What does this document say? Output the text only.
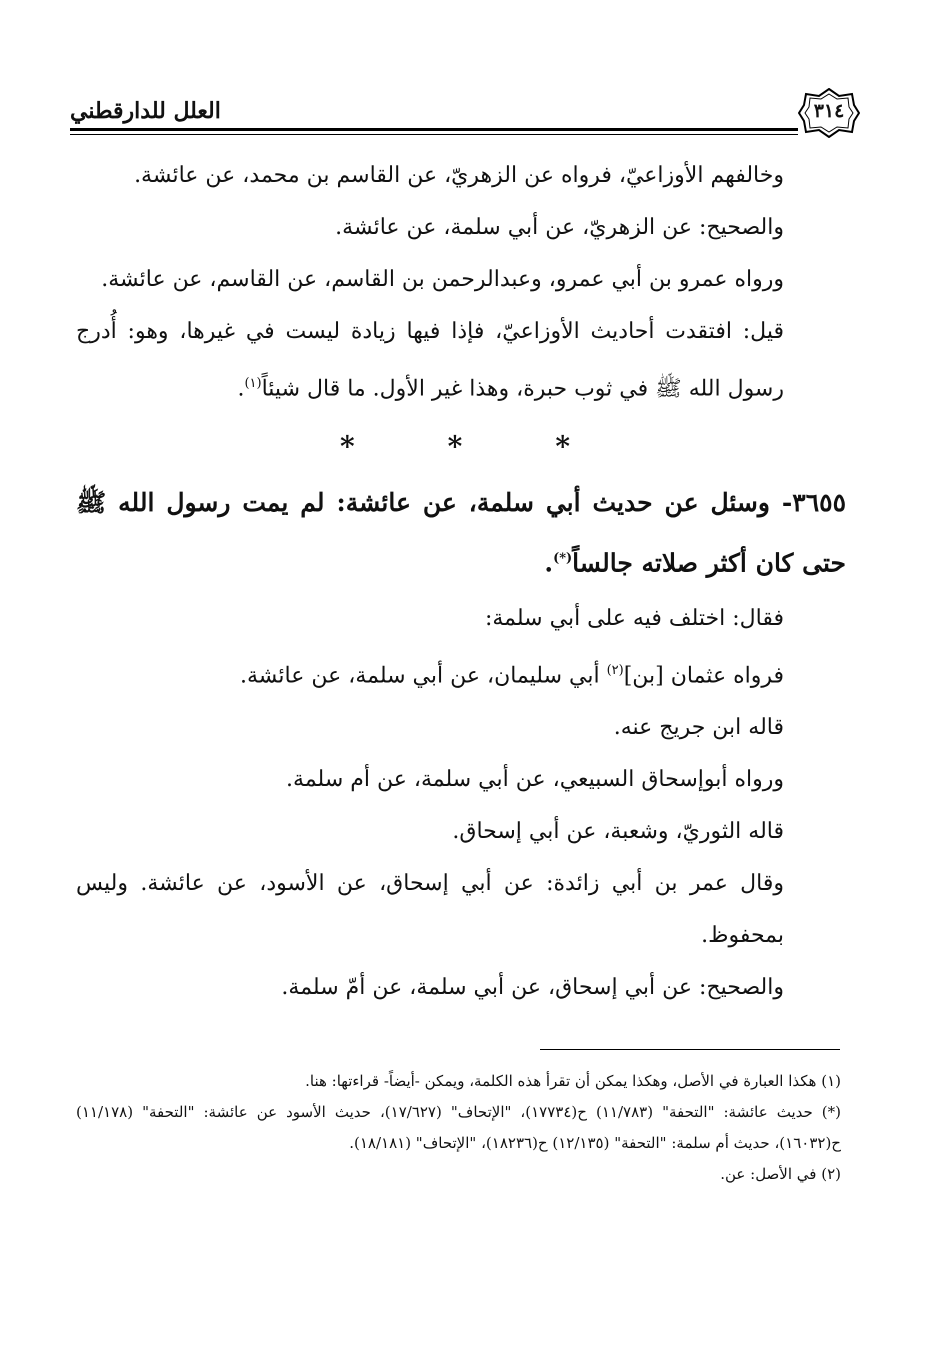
العلل للدارقطني	٣١٤

وخالفهم الأوزاعيّ، فرواه عن الزهريّ، عن القاسم بن محمد، عن عائشة.

والصحيح: عن الزهريّ، عن أبي سلمة، عن عائشة.

ورواه عمرو بن أبي عمرو، وعبدالرحمن بن القاسم، عن القاسم، عن عائشة.

قيل: افتقدت أحاديث الأوزاعيّ، فإذا فيها زيادة ليست في غيرها، وهو: أُدرج رسول الله ﷺ في ثوب حبرة، وهذا غير الأول. ما قال شيئاً$^{(١)}$.

*	*	*
٣٦٥٥- وسئل عن حديث أبي سلمة، عن عائشة: لم يمت رسول الله ﷺ حتى كان أكثر صلاته جالساً(*).

فقال: اختلف فيه على أبي سلمة:

فرواه عثمان [بن]$^{(٢)}$ أبي سليمان، عن أبي سلمة، عن عائشة.

قاله ابن جريج عنه.

ورواه أبوإسحاق السبيعي، عن أبي سلمة، عن أم سلمة.

قاله الثوريّ، وشعبة، عن أبي إسحاق.

وقال عمر بن أبي زائدة: عن أبي إسحاق، عن الأسود، عن عائشة. وليس بمحفوظ.

والصحيح: عن أبي إسحاق، عن أبي سلمة، عن أمّ سلمة.

(١) هكذا العبارة في الأصل، وهكذا يمكن أن تقرأ هذه الكلمة، ويمكن -أيضاً- قراءتها: هنا.

(*) حديث عائشة: "التحفة" (١١/٧٨٣) ح(١٧٧٣٤)، "الإتحاف" (١٧/٦٢٧)، حديث الأسود عن عائشة: "التحفة" (١١/١٧٨) ح(١٦٠٣٢)، حديث أم سلمة: "التحفة" (١٢/١٣٥) ح(١٨٢٣٦)، "الإتحاف" (١٨/١٨١).

(٢) في الأصل: عن.
